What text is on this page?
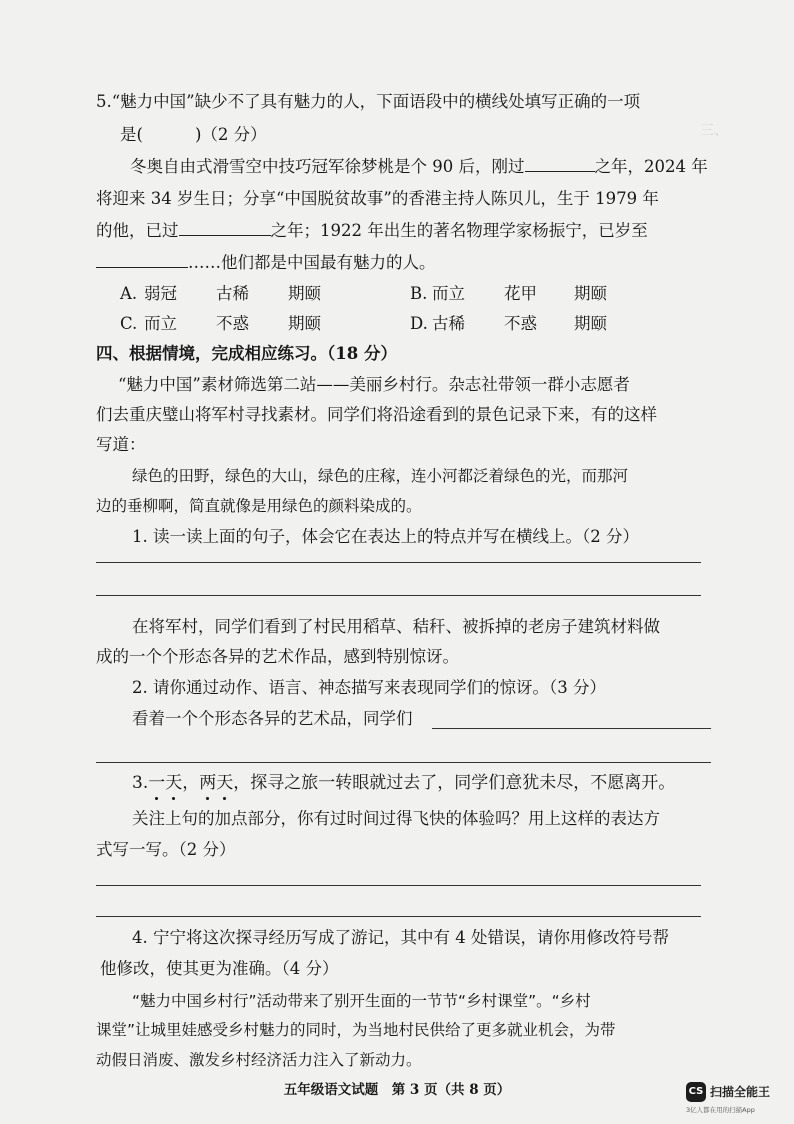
三、

5.“魅力中国”缺少不了具有魅力的人，下面语段中的横线处填写正确的一项

是(	)（2 分）

冬奥自由式滑雪空中技巧冠军徐梦桃是个 90 后，刚过	之年，2024 年

将迎来 34 岁生日；分享“中国脱贫故事”的香港主持人陈贝儿，生于 1979 年

的他，已过	之年；1922 年出生的著名物理学家杨振宁，已岁至

……他们都是中国最有魅力的人。

A. 弱冠 古稀 期颐	B. 而立 花甲 期颐
C. 而立 不惑 期颐	D. 古稀 不惑 期颐

四、根据情境，完成相应练习。（18 分）

“魅力中国”素材筛选第二站——美丽乡村行。杂志社带领一群小志愿者

们去重庆璧山将军村寻找素材。同学们将沿途看到的景色记录下来，有的这样

写道：

绿色的田野，绿色的大山，绿色的庄稼，连小河都泛着绿色的光，而那河

边的垂柳啊，简直就像是用绿色的颜料染成的。

1. 读一读上面的句子，体会它在表达上的特点并写在横线上。（2 分）

在将军村，同学们看到了村民用稻草、秸秆、被拆掉的老房子建筑材料做

成的一个个形态各异的艺术作品，感到特别惊讶。

2. 请你通过动作、语言、神态描写来表现同学们的惊讶。（3 分）

看着一个个形态各异的艺术品，同学们

3.一天，两天，探寻之旅一转眼就过去了，同学们意犹未尽，不愿离开。

关注上句的加点部分，你有过时间过得飞快的体验吗？用上这样的表达方

式写一写。（2 分）

4. 宁宁将这次探寻经历写成了游记，其中有 4 处错误，请你用修改符号帮

他修改，使其更为准确。（4 分）

“魅力中国乡村行”活动带来了别开生面的一节节“乡村课堂”。“乡村

课堂”让城里娃感受乡村魅力的同时，为当地村民供给了更多就业机会，为带

动假日消废、激发乡村经济活力注入了新动力。

五年级语文试题　第 3 页（共 8 页）	CS 扫描全能王
3亿人都在用的扫描App
